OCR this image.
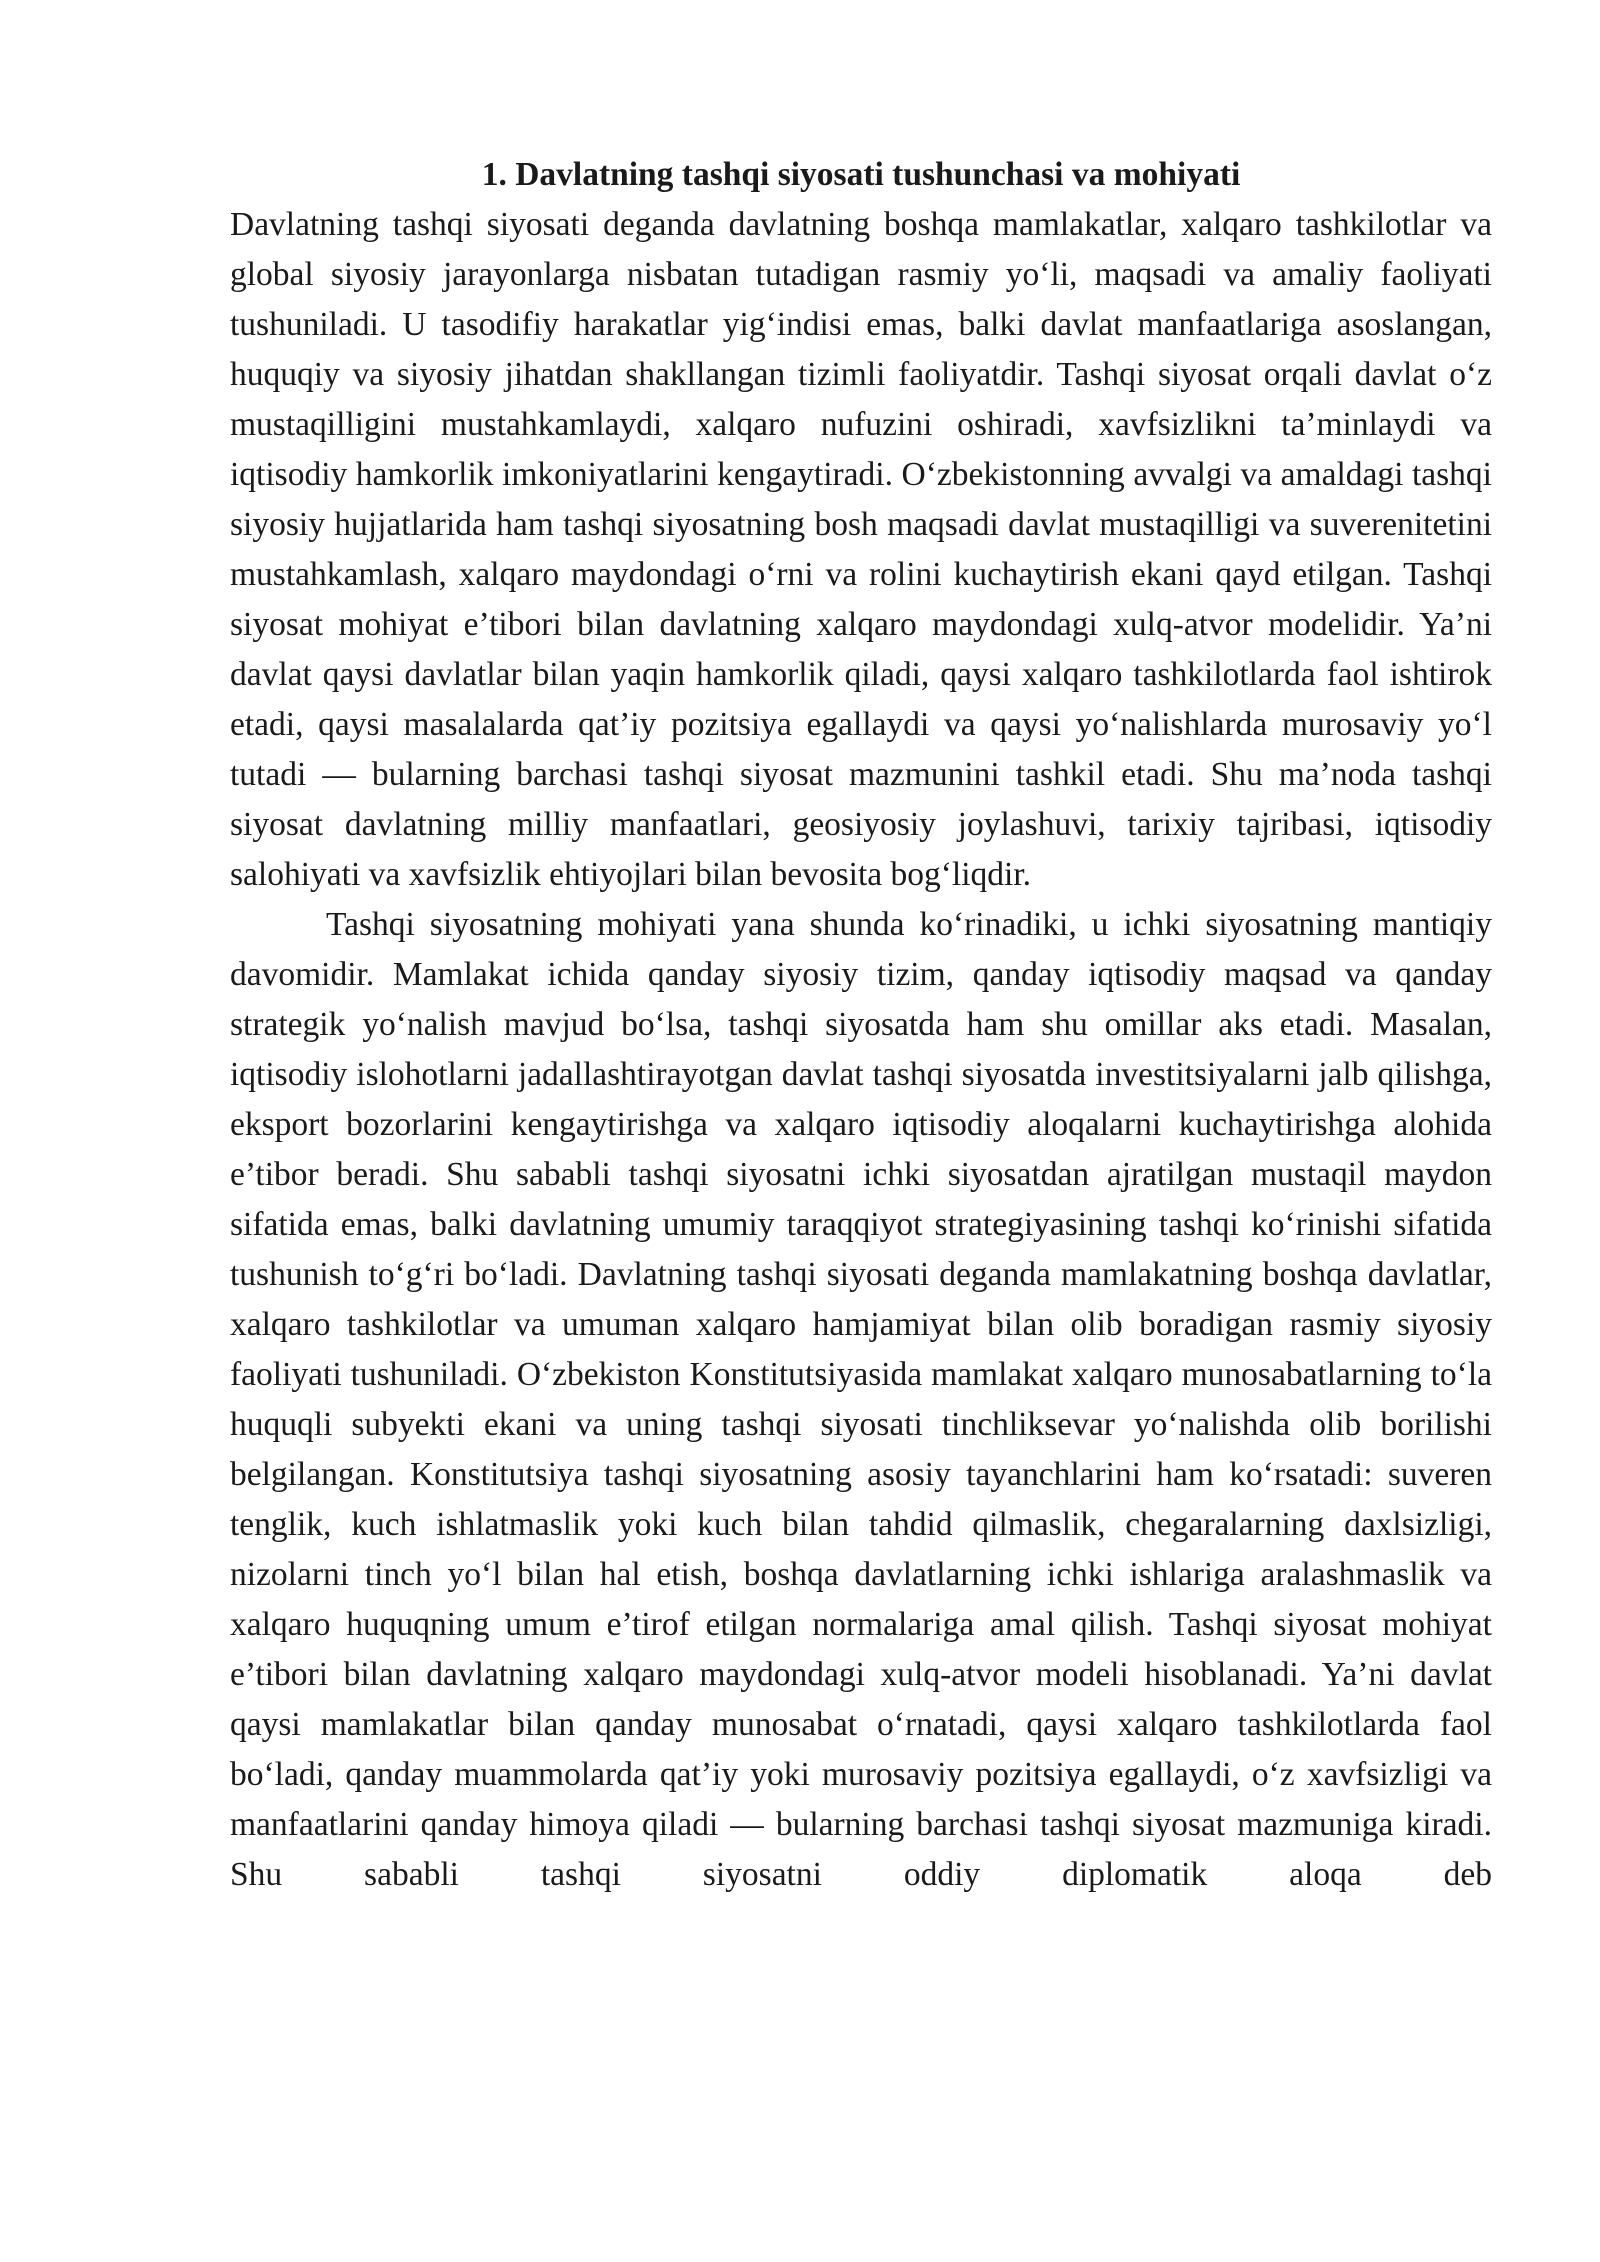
1. Davlatning tashqi siyosati tushunchasi va mohiyati

Davlatning tashqi siyosati deganda davlatning boshqa mamlakatlar, xalqaro tashkilotlar va global siyosiy jarayonlarga nisbatan tutadigan rasmiy yo‘li, maqsadi va amaliy faoliyati tushuniladi. U tasodifiy harakatlar yig‘indisi emas, balki davlat manfaatlariga asoslangan, huquqiy va siyosiy jihatdan shakllangan tizimli faoliyatdir. Tashqi siyosat orqali davlat o‘z mustaqilligini mustahkamlaydi, xalqaro nufuzini oshiradi, xavfsizlikni ta’minlaydi va iqtisodiy hamkorlik imkoniyatlarini kengaytiradi. O‘zbekistonning avvalgi va amaldagi tashqi siyosiy hujjatlarida ham tashqi siyosatning bosh maqsadi davlat mustaqilligi va suverenitetini mustahkamlash, xalqaro maydondagi o‘rni va rolini kuchaytirish ekani qayd etilgan. Tashqi siyosat mohiyat e’tibori bilan davlatning xalqaro maydondagi xulq-atvor modelidir. Ya’ni davlat qaysi davlatlar bilan yaqin hamkorlik qiladi, qaysi xalqaro tashkilotlarda faol ishtirok etadi, qaysi masalalarda qat’iy pozitsiya egallaydi va qaysi yo‘nalishlarda murosaviy yo‘l tutadi — bularning barchasi tashqi siyosat mazmunini tashkil etadi. Shu ma’noda tashqi siyosat davlatning milliy manfaatlari, geosiyosiy joylashuvi, tarixiy tajribasi, iqtisodiy salohiyati va xavfsizlik ehtiyojlari bilan bevosita bog‘liqdir.

Tashqi siyosatning mohiyati yana shunda ko‘rinadiki, u ichki siyosatning mantiqiy davomidir. Mamlakat ichida qanday siyosiy tizim, qanday iqtisodiy maqsad va qanday strategik yo‘nalish mavjud bo‘lsa, tashqi siyosatda ham shu omillar aks etadi. Masalan, iqtisodiy islohotlarni jadallashtirayotgan davlat tashqi siyosatda investitsiyalarni jalb qilishga, eksport bozorlarini kengaytirishga va xalqaro iqtisodiy aloqalarni kuchaytirishga alohida e’tibor beradi. Shu sababli tashqi siyosatni ichki siyosatdan ajratilgan mustaqil maydon sifatida emas, balki davlatning umumiy taraqqiyot strategiyasining tashqi ko‘rinishi sifatida tushunish to‘g‘ri bo‘ladi. Davlatning tashqi siyosati deganda mamlakatning boshqa davlatlar, xalqaro tashkilotlar va umuman xalqaro hamjamiyat bilan olib boradigan rasmiy siyosiy faoliyati tushuniladi. O‘zbekiston Konstitutsiyasida mamlakat xalqaro munosabatlarning to‘la huquqli subyekti ekani va uning tashqi siyosati tinchliksevar yo‘nalishda olib borilishi belgilangan. Konstitutsiya tashqi siyosatning asosiy tayanchlarini ham ko‘rsatadi: suveren tenglik, kuch ishlatmaslik yoki kuch bilan tahdid qilmaslik, chegaralarning daxlsizligi, nizolarni tinch yo‘l bilan hal etish, boshqa davlatlarning ichki ishlariga aralashmaslik va xalqaro huquqning umum e’tirof etilgan normalariga amal qilish. Tashqi siyosat mohiyat e’tibori bilan davlatning xalqaro maydondagi xulq-atvor modeli hisoblanadi. Ya’ni davlat qaysi mamlakatlar bilan qanday munosabat o‘rnatadi, qaysi xalqaro tashkilotlarda faol bo‘ladi, qanday muammolarda qat’iy yoki murosaviy pozitsiya egallaydi, o‘z xavfsizligi va manfaatlarini qanday himoya qiladi — bularning barchasi tashqi siyosat mazmuniga kiradi. Shu sababli tashqi siyosatni oddiy diplomatik aloqa deb
